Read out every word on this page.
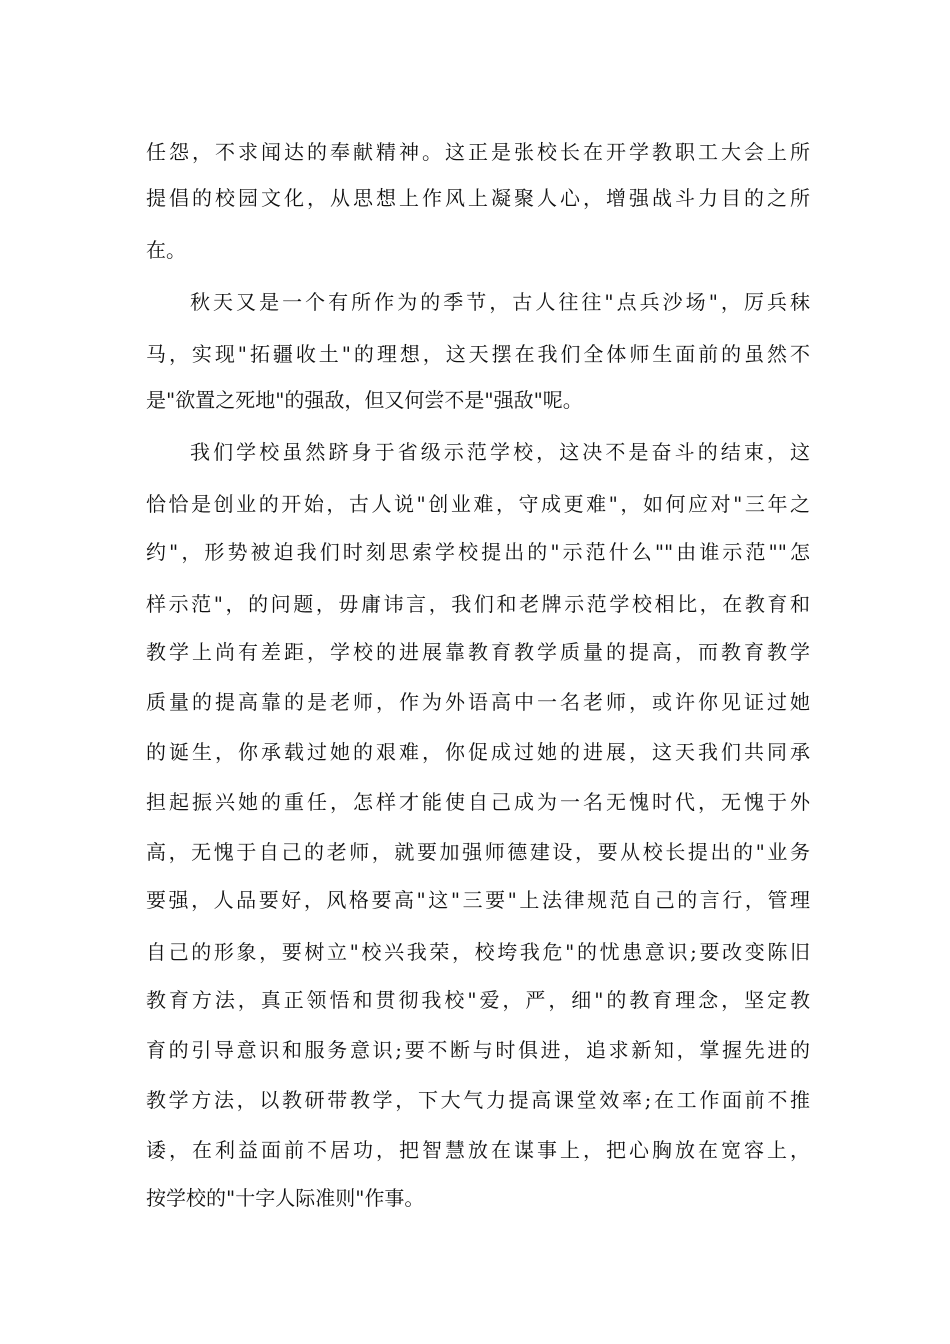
任怨，不求闻达的奉献精神。这正是张校长在开学教职工大会上所
提倡的校园文化，从思想上作风上凝聚人心，增强战斗力目的之所
在。
秋天又是一个有所作为的季节，古人往往"点兵沙场"，厉兵秣
马，实现"拓疆收土"的理想，这天摆在我们全体师生面前的虽然不
是"欲置之死地"的强敌，但又何尝不是"强敌"呢。
我们学校虽然跻身于省级示范学校，这决不是奋斗的结束，这
恰恰是创业的开始，古人说"创业难，守成更难"，如何应对"三年之
约"，形势被迫我们时刻思索学校提出的"示范什么""由谁示范""怎
样示范"，的问题，毋庸讳言，我们和老牌示范学校相比，在教育和
教学上尚有差距，学校的进展靠教育教学质量的提高，而教育教学
质量的提高靠的是老师，作为外语高中一名老师，或许你见证过她
的诞生，你承载过她的艰难，你促成过她的进展，这天我们共同承
担起振兴她的重任，怎样才能使自己成为一名无愧时代，无愧于外
高，无愧于自己的老师，就要加强师德建设，要从校长提出的"业务
要强，人品要好，风格要高"这"三要"上法律规范自己的言行，管理
自己的形象，要树立"校兴我荣，校垮我危"的忧患意识;要改变陈旧
教育方法，真正领悟和贯彻我校"爱，严，细"的教育理念，坚定教
育的引导意识和服务意识;要不断与时俱进，追求新知，掌握先进的
教学方法，以教研带教学，下大气力提高课堂效率;在工作面前不推
诿，在利益面前不居功，把智慧放在谋事上，把心胸放在宽容上，
按学校的"十字人际准则"作事。
